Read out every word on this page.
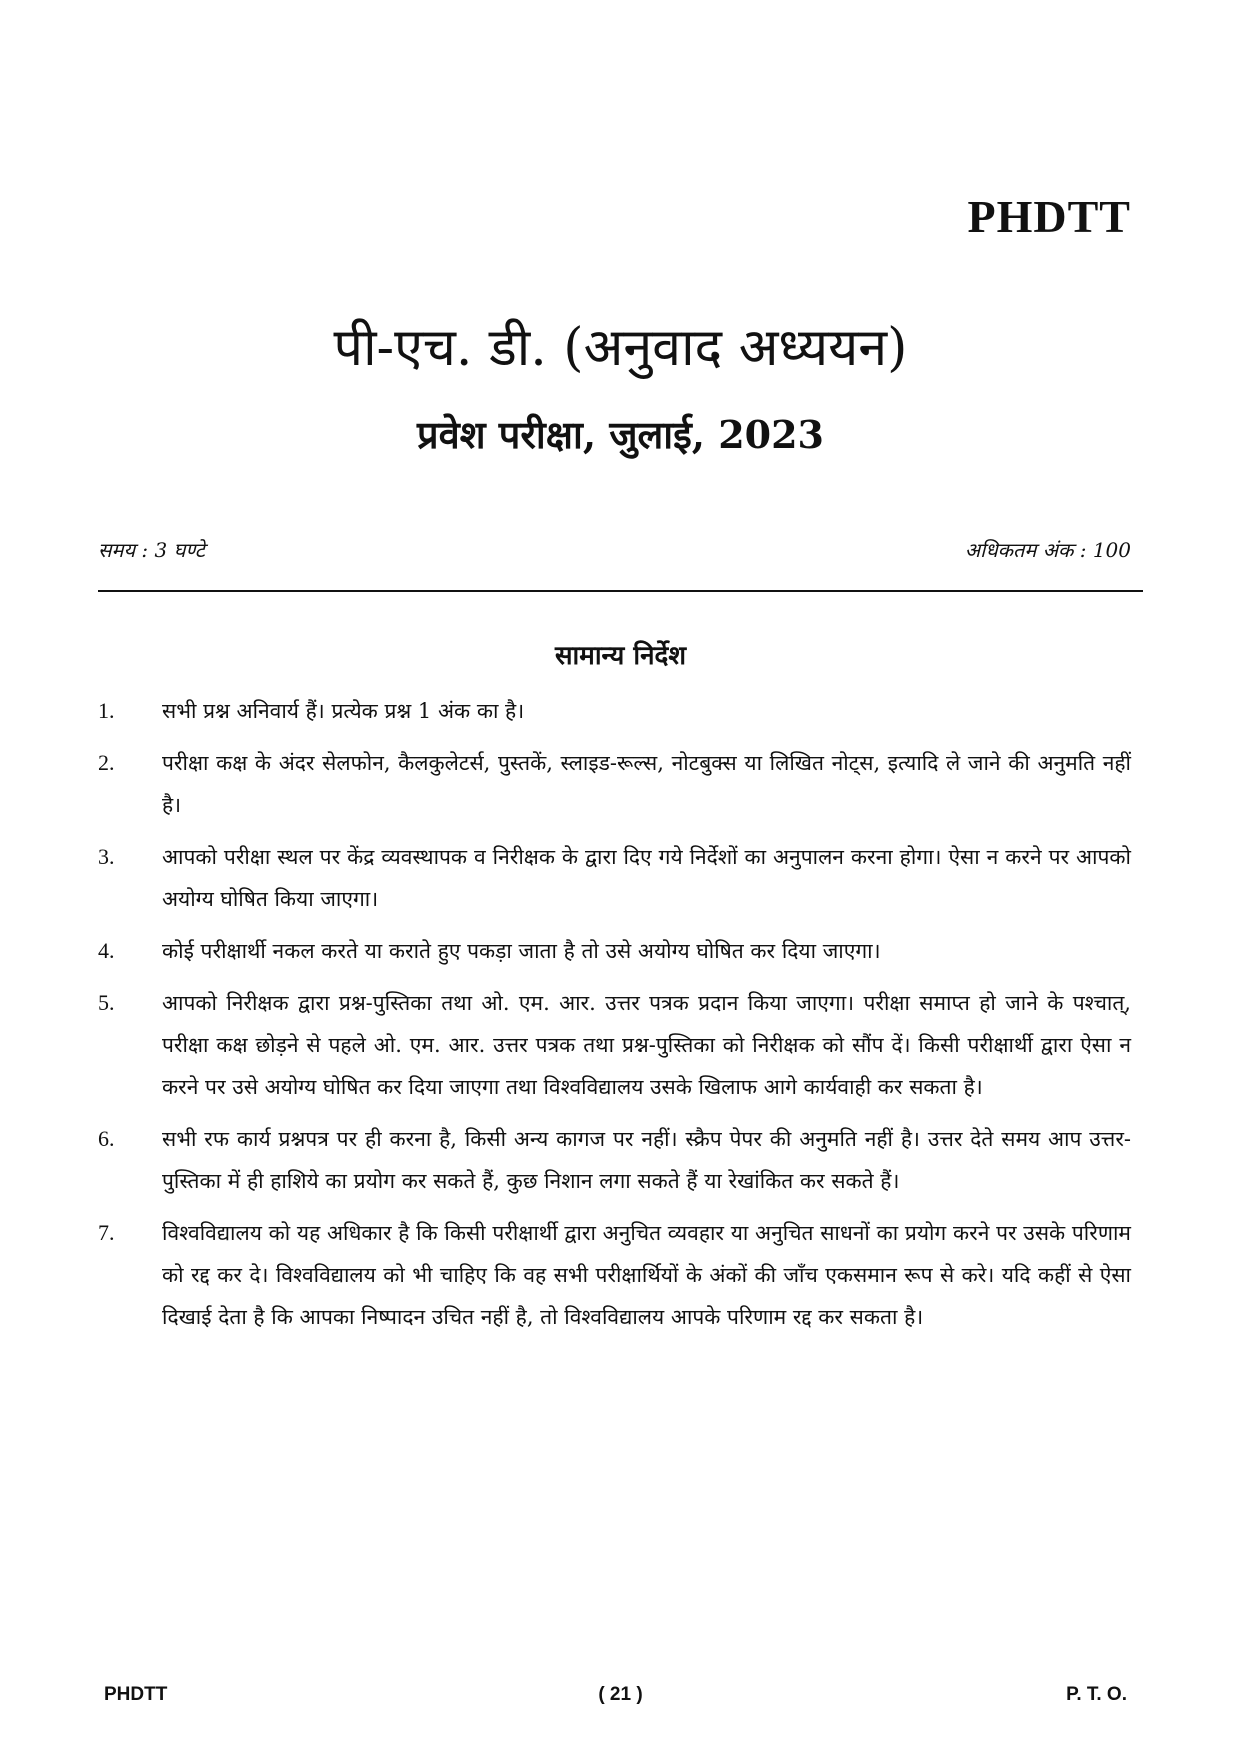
PHDTT
पी-एच. डी. (अनुवाद अध्ययन)
प्रवेश परीक्षा, जुलाई, 2023
समय : 3 घण्टे	अधिकतम अंक : 100
सामान्य निर्देश
1.	सभी प्रश्न अनिवार्य हैं। प्रत्येक प्रश्न 1 अंक का है।
2.	परीक्षा कक्ष के अंदर सेलफोन, कैलकुलेटर्स, पुस्तकें, स्लाइड-रूल्स, नोटबुक्स या लिखित नोट्स, इत्यादि ले जाने की अनुमति नहीं है।
3.	आपको परीक्षा स्थल पर केंद्र व्यवस्थापक व निरीक्षक के द्वारा दिए गये निर्देशों का अनुपालन करना होगा। ऐसा न करने पर आपको अयोग्य घोषित किया जाएगा।
4.	कोई परीक्षार्थी नकल करते या कराते हुए पकड़ा जाता है तो उसे अयोग्य घोषित कर दिया जाएगा।
5.	आपको निरीक्षक द्वारा प्रश्न-पुस्तिका तथा ओ. एम. आर. उत्तर पत्रक प्रदान किया जाएगा। परीक्षा समाप्त हो जाने के पश्चात्, परीक्षा कक्ष छोड़ने से पहले ओ. एम. आर. उत्तर पत्रक तथा प्रश्न-पुस्तिका को निरीक्षक को सौंप दें। किसी परीक्षार्थी द्वारा ऐसा न करने पर उसे अयोग्य घोषित कर दिया जाएगा तथा विश्वविद्यालय उसके खिलाफ आगे कार्यवाही कर सकता है।
6.	सभी रफ कार्य प्रश्नपत्र पर ही करना है, किसी अन्य कागज पर नहीं। स्क्रैप पेपर की अनुमति नहीं है। उत्तर देते समय आप उत्तर-पुस्तिका में ही हाशिये का प्रयोग कर सकते हैं, कुछ निशान लगा सकते हैं या रेखांकित कर सकते हैं।
7.	विश्वविद्यालय को यह अधिकार है कि किसी परीक्षार्थी द्वारा अनुचित व्यवहार या अनुचित साधनों का प्रयोग करने पर उसके परिणाम को रद्द कर दे। विश्वविद्यालय को भी चाहिए कि वह सभी परीक्षार्थियों के अंकों की जाँच एकसमान रूप से करे। यदि कहीं से ऐसा दिखाई देता है कि आपका निष्पादन उचित नहीं है, तो विश्वविद्यालय आपके परिणाम रद्द कर सकता है।
PHDTT	( 21 )	P. T. O.
